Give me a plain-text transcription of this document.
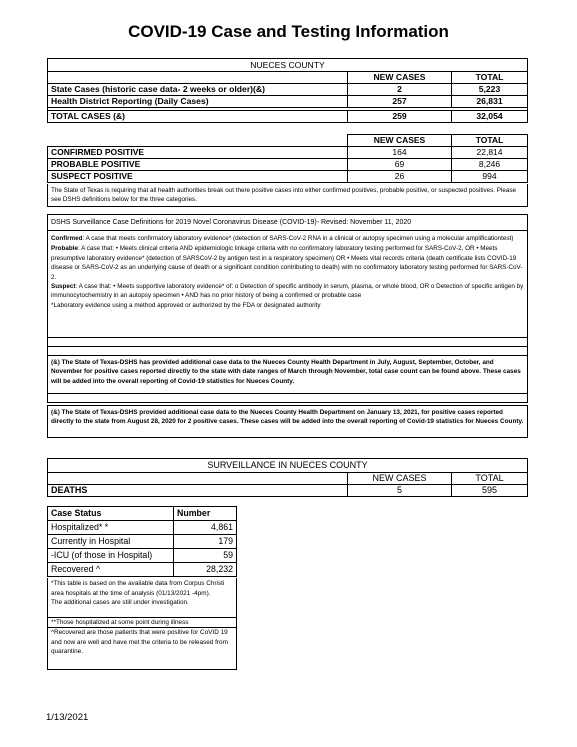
COVID-19 Case and Testing Information
NUECES COUNTY		
	NEW CASES	TOTAL
State Cases (historic case data- 2 weeks or older)(&)	2	5,223
Health District Reporting (Daily Cases)	257	26,831

TOTAL CASES (&)	259	32,054
	NEW CASES	TOTAL
CONFIRMED POSITIVE	164	22,814
PROBABLE POSITIVE	69	8,246
SUSPECT POSITIVE	26	994
The State of Texas is requiring that all health authorities break out there positive cases into either confirmed positives, probable positive, or suspected positives. Please see DSHS definitions below for the three categories.
DSHS Surveillance Case Definitions for 2019 Novel Coronavirus Disease (COVID-19)- Revised: November 11, 2020

Confirmed: A case that meets confirmatory laboratory evidence* (detection of SARS-CoV-2 RNA in a clinical or autopsy specimen using a molecular amplificationtest)

Probable: A case that: • Meets clinical criteria AND epidemiologic linkage criteria with no confirmatory laboratory testing performed for SARS-CoV-2, OR • Meets presumptive laboratory evidence* (detection of SARSCoV-2 by antigen test in a respiratory specimen) OR • Meets vital records criteria (death certificate lists COVID-19 disease or SARS-CoV-2 as an underlying cause of death or a significant condition contributing to death) with no confirmatory laboratory testing performed for SARS-CoV-2.

Suspect: A case that: • Meets supportive laboratory evidence* of: o Detection of specific antibody in serum, plasma, or whole blood, OR o Detection of specific antigen by immunocytochemistry in an autopsy specimen • AND has no prior history of being a confirmed or probable case

*Laboratory evidence using a method approved or authorized by the FDA or designated authority

(&) The State of Texas-DSHS has provided additional case data to the Nueces County Health Department in July, August, September, October, and November for positive cases reported directly to the state with date ranges of March through November, total case count can be found above. These cases will be added into the overall reporting of Covid-19 statistics for Nueces County.
(&) The State of Texas-DSHS provided additional case data to the Nueces County Health Department on January 13, 2021, for positive cases reported directly to the state from August 28, 2020 for 2 positive cases. These cases will be added into the overall reporting of Covid-19 statistics for Nueces County.
SURVEILLANCE IN NUECES COUNTY		
	NEW CASES	TOTAL
DEATHS	5	595
Case Status	Number
Hospitalized* *	4,861
Currently in Hospital	179
-ICU (of those in Hospital)	59
Recovered ^	28,232

*This table is based on the available data from Corpus Christi area hospitals at the time of analysis (01/13/2021 -4pm).

The additional cases are still under investigation.

**Those hospitalized at some point during illness

^Recovered are those patients that were positive for CoVID 19 and now are well and have met the criteria to be released from quarantine.

1/13/2021
